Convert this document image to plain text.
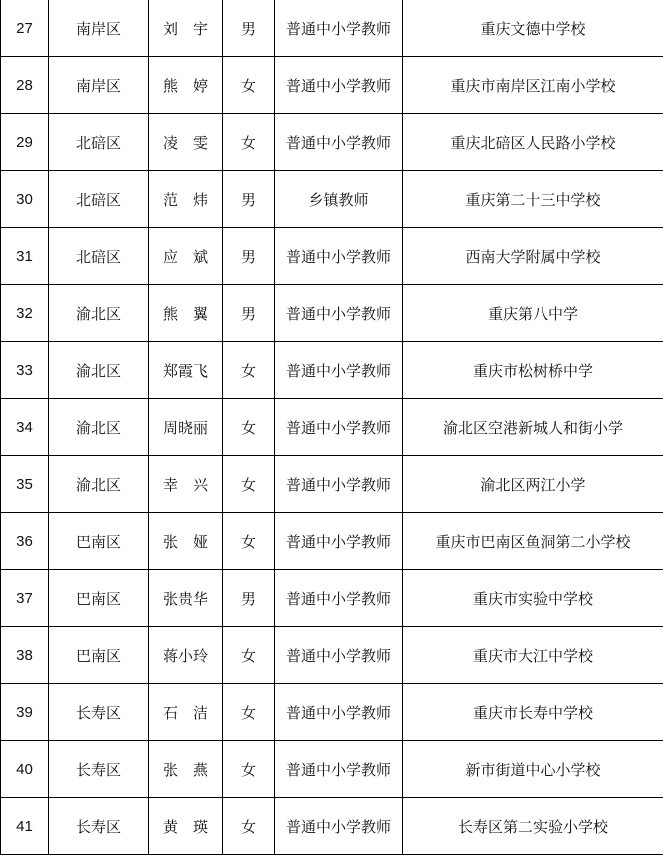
27	南岸区	刘　宇	男	普通中小学教师	重庆文德中学校
28	南岸区	熊　婷	女	普通中小学教师	重庆市南岸区江南小学校
29	北碚区	凌　雯	女	普通中小学教师	重庆北碚区人民路小学校
30	北碚区	范　炜	男	乡镇教师	重庆第二十三中学校
31	北碚区	应　斌	男	普通中小学教师	西南大学附属中学校
32	渝北区	熊　翼	男	普通中小学教师	重庆第八中学
33	渝北区	郑霞飞	女	普通中小学教师	重庆市松树桥中学
34	渝北区	周晓丽	女	普通中小学教师	渝北区空港新城人和街小学
35	渝北区	幸　兴	女	普通中小学教师	渝北区两江小学
36	巴南区	张　娅	女	普通中小学教师	重庆市巴南区鱼洞第二小学校
37	巴南区	张贵华	男	普通中小学教师	重庆市实验中学校
38	巴南区	蒋小玲	女	普通中小学教师	重庆市大江中学校
39	长寿区	石　洁	女	普通中小学教师	重庆市长寿中学校
40	长寿区	张　燕	女	普通中小学教师	新市街道中心小学校
41	长寿区	黄　瑛	女	普通中小学教师	长寿区第二实验小学校
